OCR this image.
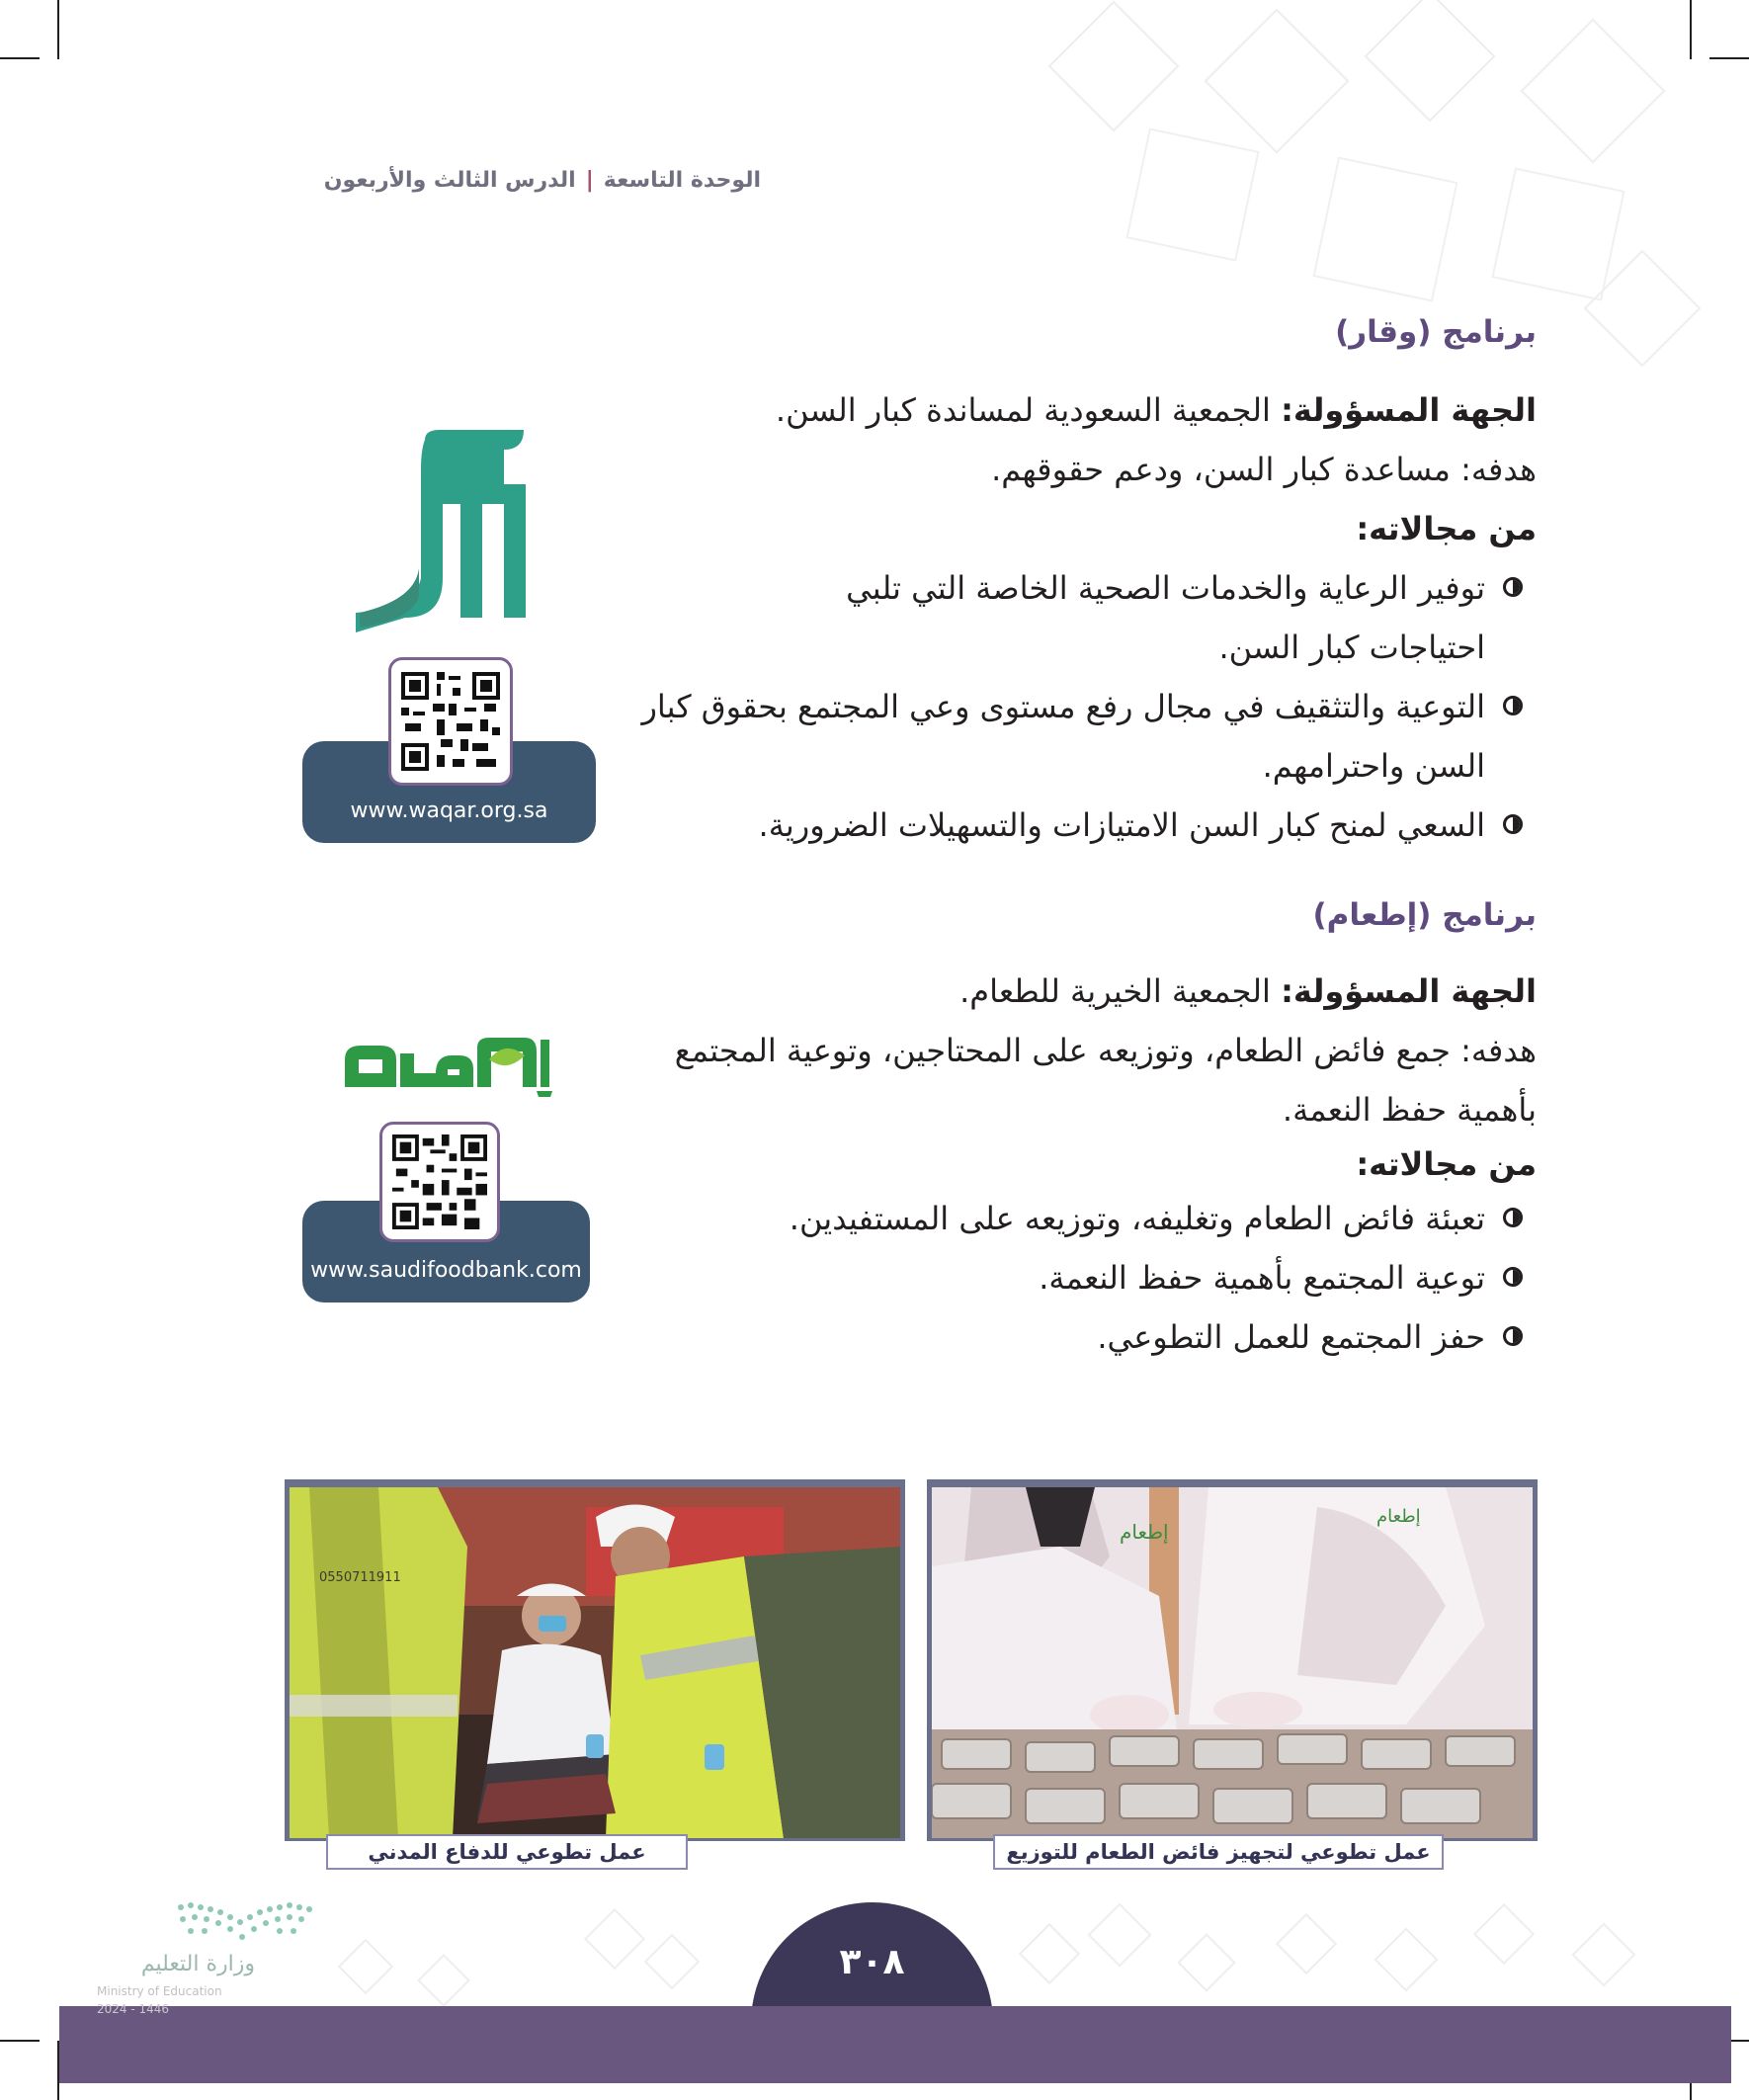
الوحدة التاسعة|الدرس الثالث والأربعون
برنامج (وقار)
الجهة المسؤولة: الجمعية السعودية لمساندة كبار السن.
هدفه: مساعدة كبار السن، ودعم حقوقهم.
من مجالاته:
توفير الرعاية والخدمات الصحية الخاصة التي تلبي احتياجات كبار السن.
التوعية والتثقيف في مجال رفع مستوى وعي المجتمع بحقوق كبار السن واحترامهم.
السعي لمنح كبار السن الامتيازات والتسهيلات الضرورية.
www.waqar.org.sa
برنامج (إطعام)
الجهة المسؤولة: الجمعية الخيرية للطعام.
هدفه: جمع فائض الطعام، وتوزيعه على المحتاجين، وتوعية المجتمع بأهمية حفظ النعمة.
من مجالاته:
تعبئة فائض الطعام وتغليفه، وتوزيعه على المستفيدين.
توعية المجتمع بأهمية حفظ النعمة.
حفز المجتمع للعمل التطوعي.
www.saudifoodbank.com
إطعام
إطعام
عمل تطوعي لتجهيز فائض الطعام للتوزيع
0550711911
عمل تطوعي للدفاع المدني
٣٠٨
وزارة التعليم
Ministry of Education
2024 - 1446
